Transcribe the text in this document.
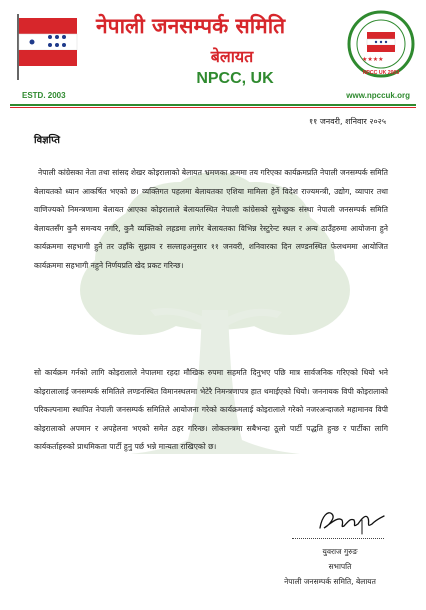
नेपाली जनसम्पर्क समिति
बेलायत
NPCC, UK
★★★★
NPCC UK 2003
ESTD. 2003	www.npccuk.org
११ जनवरी, शनिवार २०२५
विज्ञप्ति
नेपाली कांग्रेसका नेता तथा सांसद शेखर कोइरालाको बेलायत भ्रमणका क्रममा तय गरिएका कार्यक्रमप्रति नेपाली जनसम्पर्क समिति बेलायतको ध्यान आकर्षित भएको छ। व्यक्तिगत पहलमा बेलायतका एशिया मामिला हेर्ने विदेश राज्यमन्त्री, उद्योग, व्यापार तथा वाणिज्यको निमन्त्रणामा बेलायत आएका कोइरालाले बेलायतस्थित नेपाली कांग्रेसको सुवेच्छुक संस्था नेपाली जनसम्पर्क समिति बेलायतसँग कुनै समन्वय नगरि, कुनै व्यक्तिको लहडमा लागेर बेलायतका विभिन्न रेस्टुरेन्ट स्थल र अन्य ठाउँहरुमा आयोजना हुने कार्यक्रममा सहभागी हुने तर उहाँके सुझाव र सल्लाहअनुसार ११ जनवरी, शनिवारका दिन लण्डनस्थित फेलथममा आयोजित कार्यक्रममा सहभागी नहुने निर्णयप्रति खेद प्रकट गरिन्छ।
सो कार्यक्रम गर्नको लागि कोइरालाले नेपालमा रहदा मौखिक रुपमा सहमति दिनुभए पछि मात्र सार्वजनिक गरिएको थियो भने कोइरालालाई जनसम्पर्क समितिले लण्डनस्थित विमानस्थलमा भेटेरै निमन्त्रणापत्र हात थमाईएको थियो। जननायक विपी कोइरालाको परिकल्पनामा स्थापित नेपाली जनसम्पर्क समितिले आयोजना गरेको कार्यक्रमलाई कोइरालाले गरेको नजरअन्दाजले महामानव विपी कोइरालाको अपमान र अपहेलना भएको समेत ठहर गरिन्छ। लोकतन्त्रमा सबैभन्दा ठूलो पार्टी पद्धति हुन्छ र पार्टीका लागि कार्यकर्ताहरुको प्राथमिकता पार्टी हुनु पर्छ भन्ने मान्यता राखिएको छ।
युवराज गुरुङ
सभापति
नेपाली जनसम्पर्क समिति, बेलायत
